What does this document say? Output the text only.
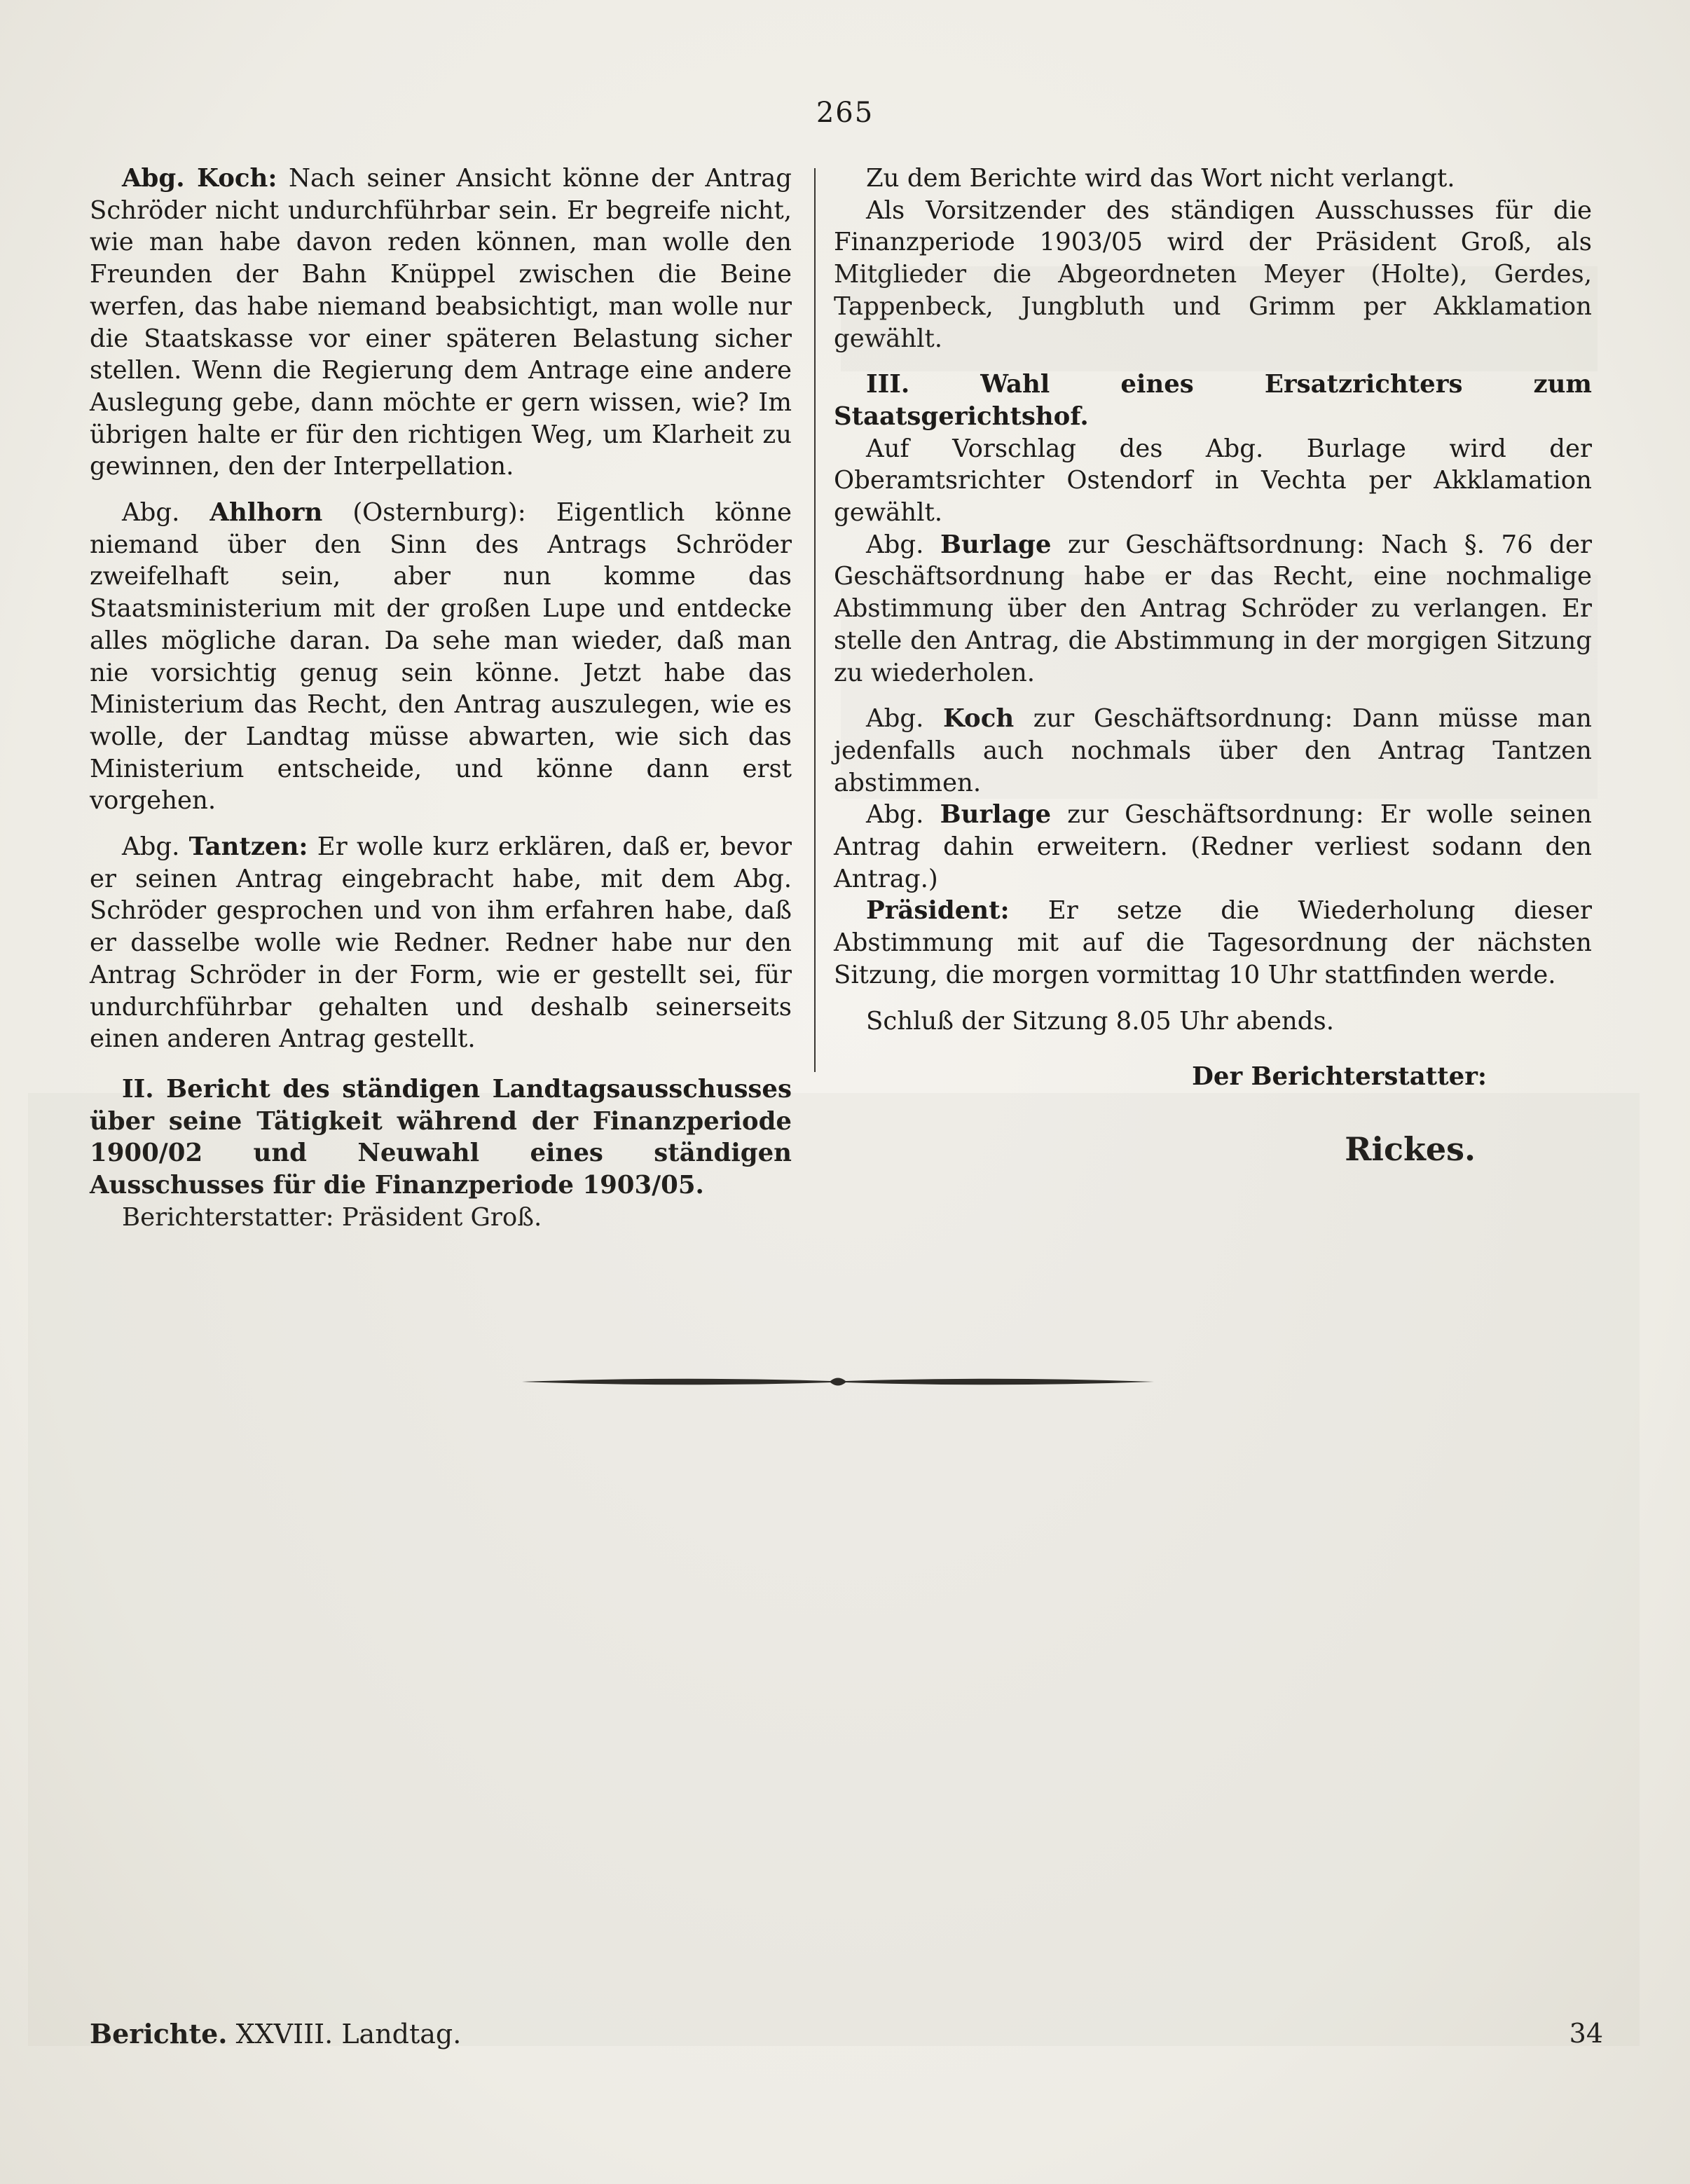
265

Abg. Koch: Nach seiner Ansicht könne der Antrag Schröder nicht undurchführbar sein. Er begreife nicht, wie man habe davon reden können, man wolle den Freunden der Bahn Knüppel zwischen die Beine werfen, das habe niemand beabsichtigt, man wolle nur die Staatskasse vor einer späteren Belastung sicher stellen. Wenn die Regierung dem Antrage eine andere Auslegung gebe, dann möchte er gern wissen, wie? Im übrigen halte er für den richtigen Weg, um Klarheit zu gewinnen, den der Interpellation.

Abg. Ahlhorn (Osternburg): Eigentlich könne niemand über den Sinn des Antrags Schröder zweifelhaft sein, aber nun komme das Staatsministerium mit der großen Lupe und entdecke alles mögliche daran. Da sehe man wieder, daß man nie vorsichtig genug sein könne. Jetzt habe das Ministerium das Recht, den Antrag auszulegen, wie es wolle, der Landtag müsse abwarten, wie sich das Ministerium entscheide, und könne dann erst vorgehen.

Abg. Tantzen: Er wolle kurz erklären, daß er, bevor er seinen Antrag eingebracht habe, mit dem Abg. Schröder gesprochen und von ihm erfahren habe, daß er dasselbe wolle wie Redner. Redner habe nur den Antrag Schröder in der Form, wie er gestellt sei, für undurchführbar gehalten und deshalb seinerseits einen anderen Antrag gestellt.

II. Bericht des ständigen Landtagsausschusses über seine Tätigkeit während der Finanzperiode 1900/02 und Neuwahl eines ständigen Ausschusses für die Finanzperiode 1903/05.

Berichterstatter: Präsident Groß.

Zu dem Berichte wird das Wort nicht verlangt.

Als Vorsitzender des ständigen Ausschusses für die Finanzperiode 1903/05 wird der Präsident Groß, als Mitglieder die Abgeordneten Meyer (Holte), Gerdes, Tappenbeck, Jungbluth und Grimm per Akklamation gewählt.

III. Wahl eines Ersatzrichters zum Staatsgerichtshof.

Auf Vorschlag des Abg. Burlage wird der Oberamtsrichter Ostendorf in Vechta per Akklamation gewählt.

Abg. Burlage zur Geschäftsordnung: Nach §. 76 der Geschäftsordnung habe er das Recht, eine nochmalige Abstimmung über den Antrag Schröder zu verlangen. Er stelle den Antrag, die Abstimmung in der morgigen Sitzung zu wiederholen.

Abg. Koch zur Geschäftsordnung: Dann müsse man jedenfalls auch nochmals über den Antrag Tantzen abstimmen.

Abg. Burlage zur Geschäftsordnung: Er wolle seinen Antrag dahin erweitern. (Redner verliest sodann den Antrag.)

Präsident: Er setze die Wiederholung dieser Abstimmung mit auf die Tagesordnung der nächsten Sitzung, die morgen vormittag 10 Uhr stattfinden werde.

Schluß der Sitzung 8.05 Uhr abends.

Der Berichterstatter:

Rickes.

Berichte. XXVIII. Landtag.	34
